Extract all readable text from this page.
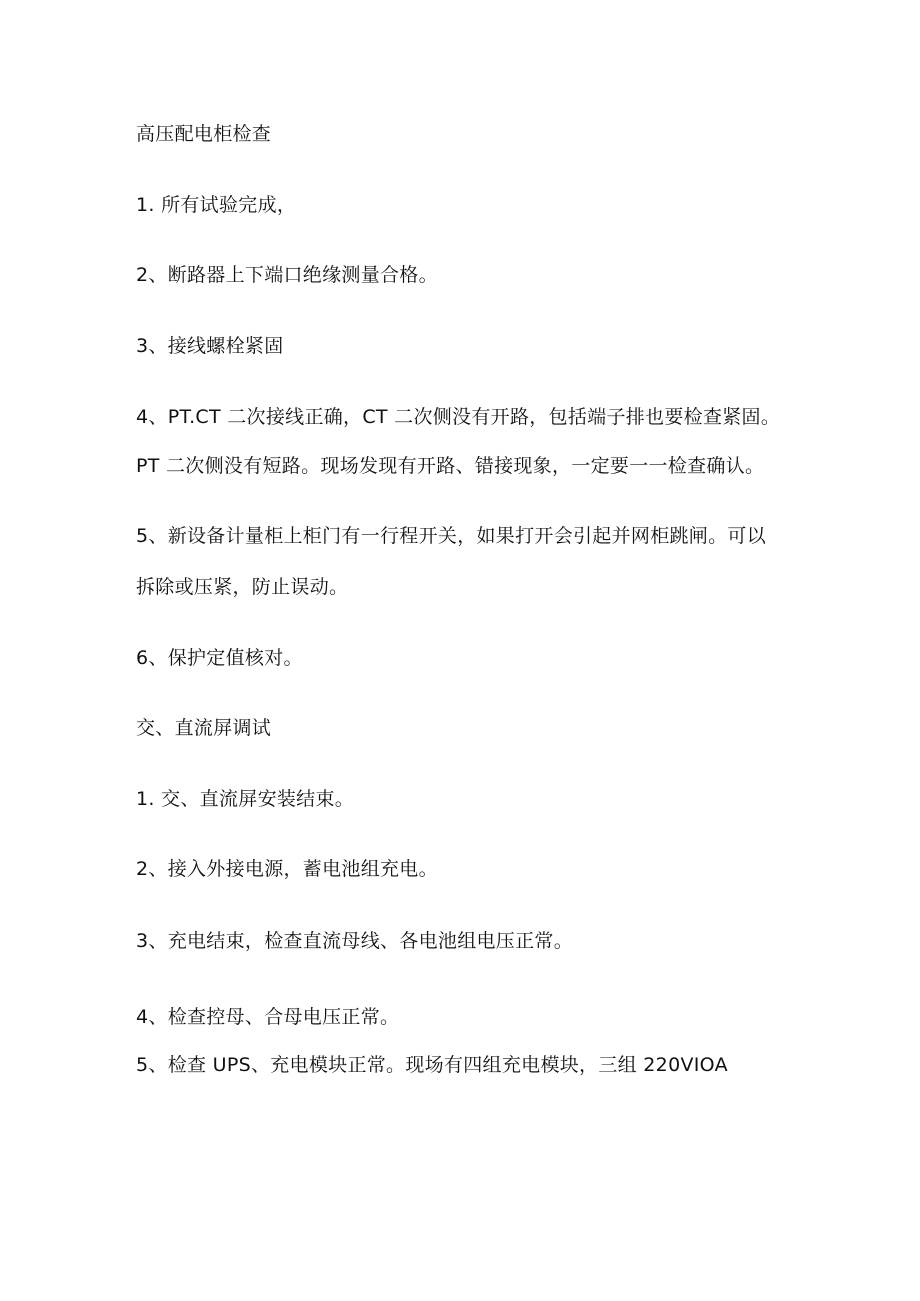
高压配电柜检查

1. 所有试验完成，

2、断路器上下端口绝缘测量合格。

3、接线螺栓紧固

4、PT.CT 二次接线正确，CT 二次侧没有开路，包括端子排也要检查紧固。

PT 二次侧没有短路。现场发现有开路、错接现象，一定要一一检查确认。

5、新设备计量柜上柜门有一行程开关，如果打开会引起并网柜跳闸。可以

拆除或压紧，防止误动。

6、保护定值核对。

交、直流屏调试

1. 交、直流屏安装结束。

2、接入外接电源，蓄电池组充电。

3、充电结束，检查直流母线、各电池组电压正常。

4、检查控母、合母电压正常。

5、检查 UPS、充电模块正常。现场有四组充电模块，三组 220VIOA
